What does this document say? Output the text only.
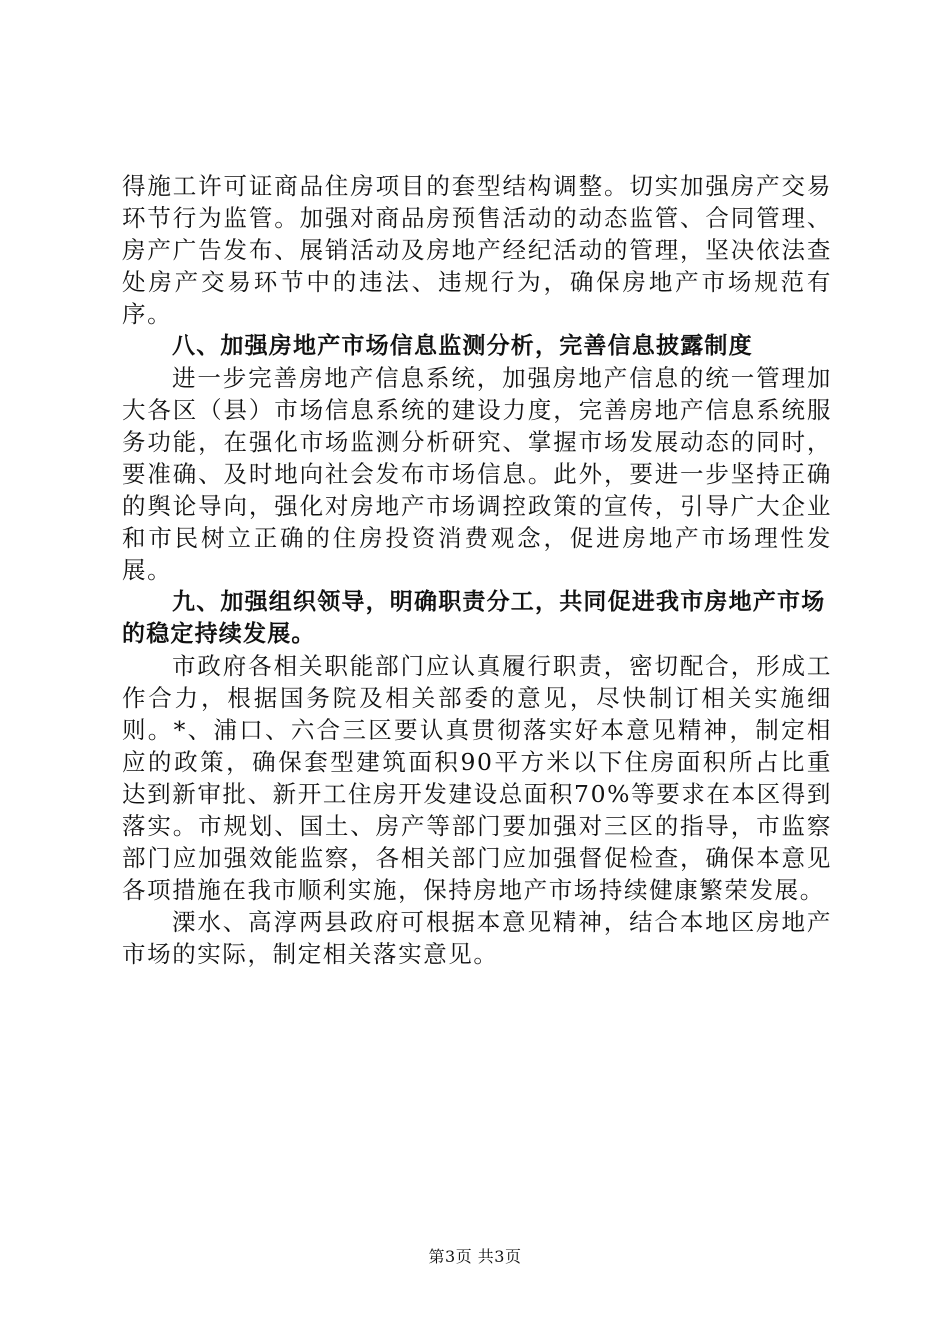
得施工许可证商品住房项目的套型结构调整。切实加强房产交易环节行为监管。加强对商品房预售活动的动态监管、合同管理、房产广告发布、展销活动及房地产经纪活动的管理，坚决依法查处房产交易环节中的违法、违规行为，确保房地产市场规范有序。

八、加强房地产市场信息监测分析，完善信息披露制度

进一步完善房地产信息系统，加强房地产信息的统一管理加大各区（县）市场信息系统的建设力度，完善房地产信息系统服务功能，在强化市场监测分析研究、掌握市场发展动态的同时，要准确、及时地向社会发布市场信息。此外，要进一步坚持正确的舆论导向，强化对房地产市场调控政策的宣传，引导广大企业和市民树立正确的住房投资消费观念，促进房地产市场理性发展。

九、加强组织领导，明确职责分工，共同促进我市房地产市场的稳定持续发展。

市政府各相关职能部门应认真履行职责，密切配合，形成工作合力，根据国务院及相关部委的意见，尽快制订相关实施细则。*、浦口、六合三区要认真贯彻落实好本意见精神，制定相应的政策，确保套型建筑面积90平方米以下住房面积所占比重达到新审批、新开工住房开发建设总面积70%等要求在本区得到落实。市规划、国土、房产等部门要加强对三区的指导，市监察部门应加强效能监察，各相关部门应加强督促检查，确保本意见各项措施在我市顺利实施，保持房地产市场持续健康繁荣发展。

溧水、高淳两县政府可根据本意见精神，结合本地区房地产市场的实际，制定相关落实意见。

第3页 共3页
